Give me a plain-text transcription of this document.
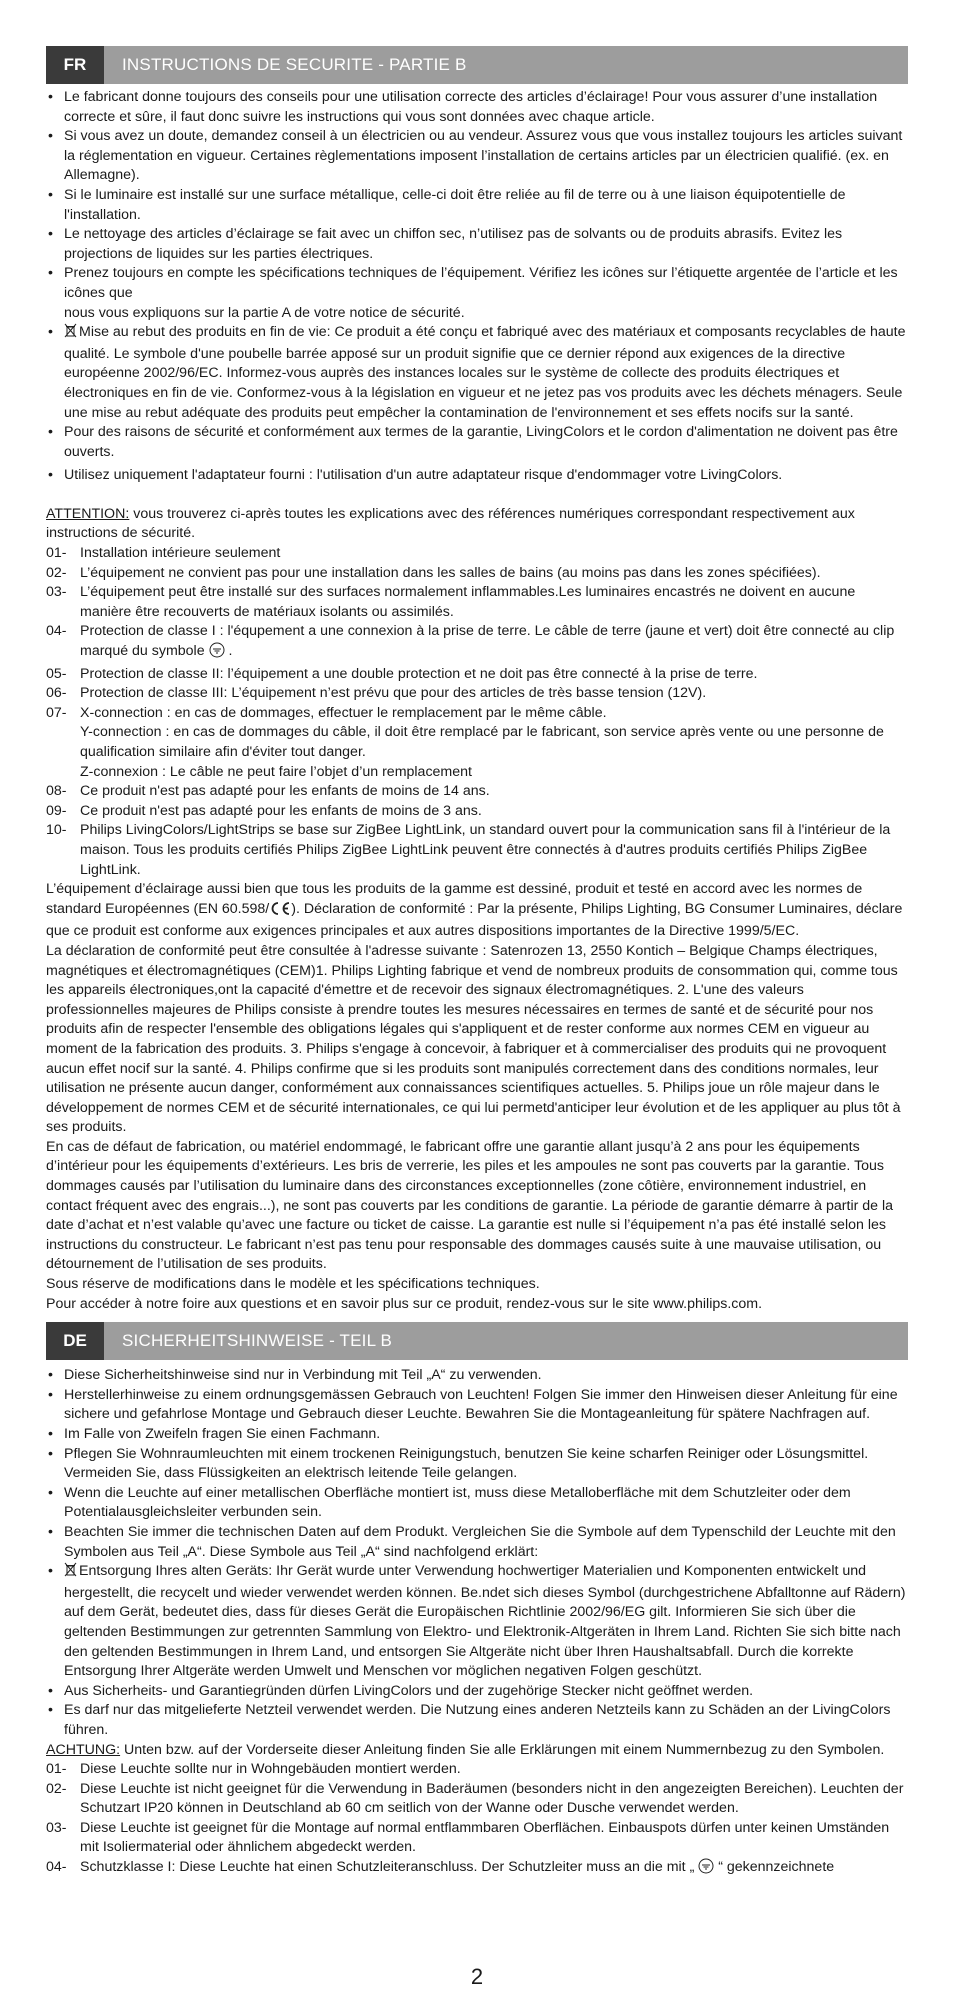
FR	INSTRUCTIONS DE SECURITE - PARTIE B
• Le fabricant donne toujours des conseils pour une utilisation correcte des articles d’éclairage! Pour vous assurer d’une installation correcte et sûre, il faut donc suivre les instructions qui vous sont données avec chaque article.
• Si vous avez un doute, demandez conseil à un électricien ou au vendeur. Assurez vous que vous installez toujours les articles suivant la réglementation en vigueur. Certaines règlementations imposent l’installation de certains articles par un électricien qualifié. (ex. en Allemagne).
• Si le luminaire est installé sur une surface métallique, celle-ci doit être reliée au fil de terre ou à une liaison équipotentielle de l'installation.
• Le nettoyage des articles d’éclairage se fait avec un chiffon sec, n’utilisez pas de solvants ou de produits abrasifs. Evitez les projections de liquides sur les parties électriques.
• Prenez toujours en compte les spécifications techniques de l’équipement. Vérifiez les icônes sur l’étiquette argentée de l’article et les icônes que
nous vous expliquons sur la partie A de votre notice de sécurité.
• Mise au rebut des produits en fin de vie: Ce produit a été conçu et fabriqué avec des matériaux et composants recyclables de haute qualité. Le symbole d'une poubelle barrée apposé sur un produit signifie que ce dernier répond aux exigences de la directive européenne 2002/96/EC. Informez-vous auprès des instances locales sur le système de collecte des produits électriques et électroniques en fin de vie. Conformez-vous à la législation en vigueur et ne jetez pas vos produits avec les déchets ménagers. Seule une mise au rebut adéquate des produits peut empêcher la contamination de l'environnement et ses effets nocifs sur la santé.
• Pour des raisons de sécurité et conformément aux termes de la garantie, LivingColors et le cordon d'alimentation ne doivent pas être ouverts.
• Utilisez uniquement l'adaptateur fourni : l'utilisation d'un autre adaptateur risque d'endommager votre LivingColors.
ATTENTION: vous trouverez ci-après toutes les explications avec des références numériques correspondant respectivement aux instructions de sécurité.
01- Installation intérieure seulement
02- L’équipement ne convient pas pour une installation dans les salles de bains (au moins pas dans les zones spécifiées).
03- L’équipement peut être installé sur des surfaces normalement inflammables.Les luminaires encastrés ne doivent en aucune manière être recouverts de matériaux isolants ou assimilés.
04- Protection de classe I : l'équpement a une connexion à la prise de terre. Le câble de terre (jaune et vert) doit être connecté au clip marqué du symbole  .
05- Protection de classe II: l’équipement a une double protection et ne doit pas être connecté à la prise de terre.
06- Protection de classe III: L’équipement n’est prévu que pour des articles de très basse tension (12V).
07- X-connection : en cas de dommages, effectuer le remplacement par le même câble.
Y-connection : en cas de dommages du câble, il doit être remplacé par le fabricant, son service après vente ou une personne de qualification similaire afin d'éviter tout danger.
Z-connexion : Le câble ne peut faire l’objet d’un remplacement
08- Ce produit n'est pas adapté pour les enfants de moins de 14 ans.
09- Ce produit n'est pas adapté pour les enfants de moins de 3 ans.
10- Philips LivingColors/LightStrips se base sur ZigBee LightLink, un standard ouvert pour la communication sans fil à l'intérieur de la maison. Tous les produits certifiés Philips ZigBee LightLink peuvent être connectés à d'autres produits certifiés Philips ZigBee LightLink.
L’équipement d’éclairage aussi bien que tous les produits de la gamme est dessiné, produit et testé en accord avec les normes de standard Européennes (EN 60.598/ ). Déclaration de conformité : Par la présente, Philips Lighting, BG Consumer Luminaires, déclare que ce produit est conforme aux exigences principales et aux autres dispositions importantes de la Directive 1999/5/EC.
La déclaration de conformité peut être consultée à l'adresse suivante : Satenrozen 13, 2550 Kontich – Belgique Champs électriques, magnétiques et électromagnétiques (CEM)1. Philips Lighting fabrique et vend de nombreux produits de consommation qui, comme tous les appareils électroniques,ont la capacité d'émettre et de recevoir des signaux électromagnétiques. 2. L'une des valeurs professionnelles majeures de Philips consiste à prendre toutes les mesures nécessaires en termes de santé et de sécurité pour nos produits afin de respecter l'ensemble des obligations légales qui s'appliquent et de rester conforme aux normes CEM en vigueur au moment de la fabrication des produits. 3. Philips s'engage à concevoir, à fabriquer et à commercialiser des produits qui ne provoquent aucun effet nocif sur la santé. 4. Philips confirme que si les produits sont manipulés correctement dans des conditions normales, leur utilisation ne présente aucun danger, conformément aux connaissances scientifiques actuelles. 5. Philips joue un rôle majeur dans le développement de normes CEM et de sécurité internationales, ce qui lui permetd'anticiper leur évolution et de les appliquer au plus tôt à ses produits.
En cas de défaut de fabrication, ou matériel endommagé, le fabricant offre une garantie allant jusqu’à 2 ans pour les équipements d’intérieur pour les équipements d’extérieurs. Les bris de verrerie, les piles et les ampoules ne sont pas couverts par la garantie. Tous dommages causés par l’utilisation du luminaire dans des circonstances exceptionnelles (zone côtière, environnement industriel, en contact fréquent avec des engrais...), ne sont pas couverts par les conditions de garantie. La période de garantie démarre à partir de la date d’achat et n’est valable qu’avec une facture ou ticket de caisse. La garantie est nulle si l’équipement n’a pas été installé selon les instructions du constructeur. Le fabricant n’est pas tenu pour responsable des dommages causés suite à une mauvaise utilisation, ou détournement de l’utilisation de ses produits.
Sous réserve de modifications dans le modèle et les spécifications techniques.
Pour accéder à notre foire aux questions et en savoir plus sur ce produit, rendez-vous sur le site www.philips.com.
DE	SICHERHEITSHINWEISE - TEIL B
• Diese Sicherheitshinweise sind nur in Verbindung mit Teil „A“ zu verwenden.
• Herstellerhinweise zu einem ordnungsgemässen Gebrauch von Leuchten! Folgen Sie immer den Hinweisen dieser Anleitung für eine sichere und gefahrlose Montage und Gebrauch dieser Leuchte. Bewahren Sie die Montageanleitung für spätere Nachfragen auf.
• Im Falle von Zweifeln fragen Sie einen Fachmann.
• Pflegen Sie Wohnraumleuchten mit einem trockenen Reinigungstuch, benutzen Sie keine scharfen Reiniger oder Lösungsmittel. Vermeiden Sie, dass Flüssigkeiten an elektrisch leitende Teile gelangen.
• Wenn die Leuchte auf einer metallischen Oberfläche montiert ist, muss diese Metalloberfläche mit dem Schutzleiter oder dem Potentialausgleichsleiter verbunden sein.
• Beachten Sie immer die technischen Daten auf dem Produkt. Vergleichen Sie die Symbole auf dem Typenschild der Leuchte mit den Symbolen aus Teil „A“. Diese Symbole aus Teil „A“ sind nachfolgend erklärt:
• Entsorgung Ihres alten Geräts: Ihr Gerät wurde unter Verwendung hochwertiger Materialien und Komponenten entwickelt und hergestellt, die recycelt und wieder verwendet werden können. Be.ndet sich dieses Symbol (durchgestrichene Abfalltonne auf Rädern) auf dem Gerät, bedeutet dies, dass für dieses Gerät die Europäischen Richtlinie 2002/96/EG gilt. Informieren Sie sich über die geltenden Bestimmungen zur getrennten Sammlung von Elektro- und Elektronik-Altgeräten in Ihrem Land. Richten Sie sich bitte nach den geltenden Bestimmungen in Ihrem Land, und entsorgen Sie Altgeräte nicht über Ihren Haushaltsabfall. Durch die korrekte Entsorgung Ihrer Altgeräte werden Umwelt und Menschen vor möglichen negativen Folgen geschützt.
• Aus Sicherheits- und Garantiegründen dürfen LivingColors und der zugehörige Stecker nicht geöffnet werden.
• Es darf nur das mitgelieferte Netzteil verwendet werden. Die Nutzung eines anderen Netzteils kann zu Schäden an der LivingColors führen.
ACHTUNG: Unten bzw. auf der Vorderseite dieser Anleitung finden Sie alle Erklärungen mit einem Nummernbezug zu den Symbolen.
01- Diese Leuchte sollte nur in Wohngebäuden montiert werden.
02- Diese Leuchte ist nicht geeignet für die Verwendung in Baderäumen (besonders nicht in den angezeigten Bereichen). Leuchten der Schutzart IP20 können in Deutschland ab 60 cm seitlich von der Wanne oder Dusche verwendet werden.
03- Diese Leuchte ist geeignet für die Montage auf normal entflammbaren Oberflächen. Einbauspots dürfen unter keinen Umständen mit Isoliermaterial oder ähnlichem abgedeckt werden.
04- Schutzklasse I: Diese Leuchte hat einen Schutzleiteranschluss. Der Schutzleiter muss an die mit „ “ gekennzeichnete
2
